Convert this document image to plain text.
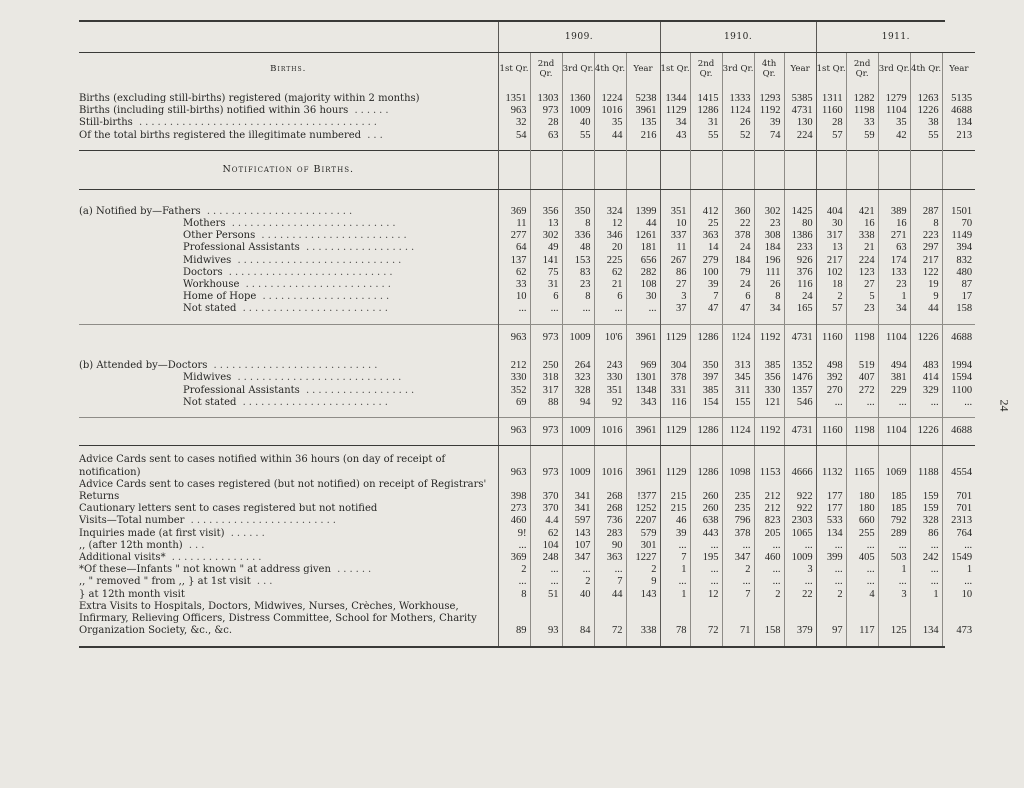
	1909.					1910.					1911.				
Births.	1st Qr.	2nd Qr.	3rd Qr.	4th Qr.	Year	1st Qr.	2nd Qr.	3rd Qr.	4th Qr.	Year	1st Qr.	2nd Qr.	3rd Qr.	4th Qr.	Year

Births (excluding still-births) registered (majority within 2 months)	1351	1303	1360	1224	5238	1344	1415	1333	1293	5385	1311	1282	1279	1263	5135
Births (including still-births) notified within 36 hours ......	963	973	1009	1016	3961	1129	1286	1124	1192	4731	1160	1198	1104	1226	4688
Still-births .......................................	32	28	40	35	135	34	31	26	39	130	28	33	35	38	134
Of the total births registered the illegitimate numbered ...	54	63	55	44	216	43	55	52	74	224	57	59	42	55	213

Notification of Births.															

(a) Notified by—Fathers ........................	369	356	350	324	1399	351	412	360	302	1425	404	421	389	287	1501
Mothers ...........................	11	13	8	12	44	10	25	22	23	80	30	16	16	8	70
Other Persons ........................	277	302	336	346	1261	337	363	378	308	1386	317	338	271	223	1149
Professional Assistants ..................	64	49	48	20	181	11	14	24	184	233	13	21	63	297	394
Midwives ...........................	137	141	153	225	656	267	279	184	196	926	217	224	174	217	832
Doctors ...........................	62	75	83	62	282	86	100	79	111	376	102	123	133	122	480
Workhouse ........................	33	31	23	21	108	27	39	24	26	116	18	27	23	19	87
Home of Hope .....................	10	6	8	6	30	3	7	6	8	24	2	5	1	9	17
Not stated ........................	...	...	...	...	...	37	47	47	34	165	57	23	34	44	158

	963	973	1009	10'6	3961	1129	1286	1!24	1192	4731	1160	1198	1104	1226	4688

(b) Attended by—Doctors ...........................	212	250	264	243	969	304	350	313	385	1352	498	519	494	483	1994
Midwives ...........................	330	318	323	330	1301	378	397	345	356	1476	392	407	381	414	1594
Professional Assistants ..................	352	317	328	351	1348	331	385	311	330	1357	270	272	229	329	1100
Not stated ........................	69	88	94	92	343	116	154	155	121	546	...	...	...	...	...

	963	973	1009	1016	3961	1129	1286	1124	1192	4731	1160	1198	1104	1226	4688

Advice Cards sent to cases notified within 36 hours (on day of receipt of notification)	963	973	1009	1016	3961	1129	1286	1098	1153	4666	1132	1165	1069	1188	4554
Advice Cards sent to cases registered (but not notified) on receipt of Registrars' Returns	398	370	341	268	!377	215	260	235	212	922	177	180	185	159	701
Cautionary letters sent to cases registered but not notified	273	370	341	268	1252	215	260	235	212	922	177	180	185	159	701
Visits—Total number ........................	460	4.4	597	736	2207	46	638	796	823	2303	533	660	792	328	2313
Inquiries made (at first visit) ......	9!	62	143	283	579	39	443	378	205	1065	134	255	289	86	764
,, (after 12th month) ...	...	104	107	90	301	...	...	...	...	...	...	...	...	...	...
Additional visits* ...............	369	248	347	363	1227	7	195	347	460	1009	399	405	503	242	1549
*Of these—Infants " not known " at address given ......	2	...	...	...	2	1	...	2	...	3	...	...	1	...	1
,, " removed " from ,, } at 1st visit ...	...	...	2	7	9	...	...	...	...	...	...	...	...	...	...
} at 12th month visit	8	51	40	44	143	1	12	7	2	22	2	4	3	1	10
Extra Visits to Hospitals, Doctors, Midwives, Nurses, Crèches, Workhouse, Infirmary, Relieving Officers, Distress Committee, School for Mothers, Charity Organization Society, &c., &c.	89	93	84	72	338	78	72	71	158	379	97	117	125	134	473

24
